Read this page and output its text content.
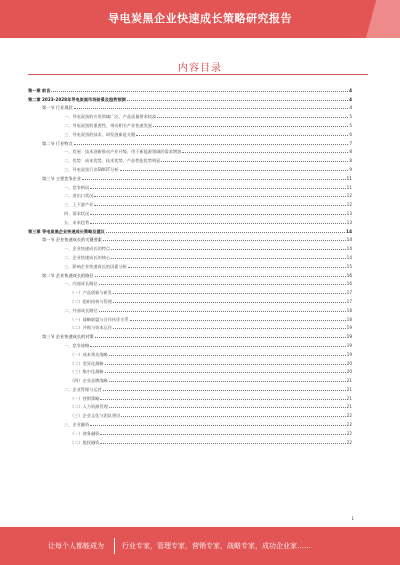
导电炭黑企业快速成长策略研究报告
内容目录
第一章 前言	4
第二章 2023-2028年导电炭黑市场前景及趋势预测	4
第一节 行业现状	4
一、导电炭黑的应用领域广泛，产品质量要求较高	5
二、导电炭黑的重要性，带动相关产业快速发展	5
三、导电炭黑的技术，研发创新是关键	6
第二节 行业特点	7
一、发展：技术创新推动产业升级，用于新能源领域的需求增加	8
二、优势：成本优势，技术优势，产品性能优势明显	8
三、导电炭黑行业SWOT分析	9
第三节 主要竞争企业	11
一、竞争格局	11
二、进出口状况	12
三、上下游产业	12
四、需求状况	13
五、未来趋势	13
第三章 导电炭黑企业快速成长策略及建议	14
第一节 企业快速成长的关键要素	14
一、企业快速成长的特点	14
二、企业快速成长的核心	14
三、影响企业快速成长的因素分析	15
第二节 企业快速成长的路径	16
一、内部成长路径	16
（一）产品创新与研发	17
（二）组织结构与管理	17
二、外部成长路径	18
（一）战略联盟与合作伙伴关系	18
（二）并购与资本运作	19
第三节 企业快速成长的对策	19
一、竞争战略	19
（一）成本领先战略	19
（二）差异化战略	20
（三）集中化战略	20
（四）企业品牌战略	21
二、企业管理与运营	21
（一）营销策略	21
（二）人力资源管理	21
（三）企业文化与团队建设	22
三、企业融资	22
（一）债务融资	22
（二）股权融资	22
1
让每个人都能成为	行业专家，管理专家，营销专家，战略专家，成功企业家……
